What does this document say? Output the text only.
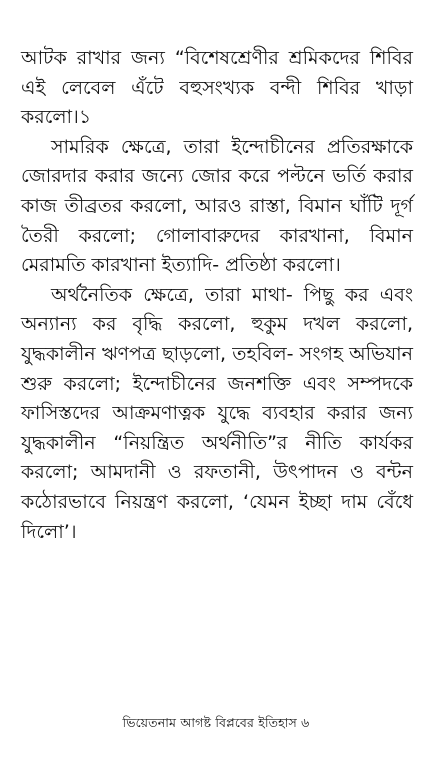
আটক রাখার জন্য “বিশেষশ্রেণীর শ্রমিকদের শিবির এই লেবেল এঁটে বহুসংখ্যক বন্দী শিবির খাড়া করলো।১

সামরিক ক্ষেত্রে, তারা ইন্দোচীনের প্রতিরক্ষাকে জোরদার করার জন্যে জোর করে পল্টনে ভর্তি করার কাজ তীব্রতর করলো, আরও রাস্তা, বিমান ঘাঁটি দূর্গ তৈরী করলো; গোলাবারুদের কারখানা, বিমান মেরামতি কারখানা ইত্যাদি- প্রতিষ্ঠা করলো।

অর্থনৈতিক ক্ষেত্রে, তারা মাথা- পিছু কর এবং অন্যান্য কর বৃদ্ধি করলো, হুকুম দখল করলো, যুদ্ধকালীন ঋণপত্র ছাড়লো, তহবিল- সংগহ অভিযান শুরু করলো; ইন্দোচীনের জনশক্তি এবং সম্পদকে ফাসিস্তদের আক্রমণাত্নক যুদ্ধে ব্যবহার করার জন্য যুদ্ধকালীন “নিয়ন্ত্রিত অর্থনীতি”র নীতি কার্যকর করলো; আমদানী ও রফতানী, উৎপাদন ও বন্টন কঠোরভাবে নিয়ন্ত্রণ করলো, ‘যেমন ইচ্ছা দাম বেঁধে দিলো’।

ভিয়েতনাম আগষ্ট বিপ্লবের ইতিহাস ৬
